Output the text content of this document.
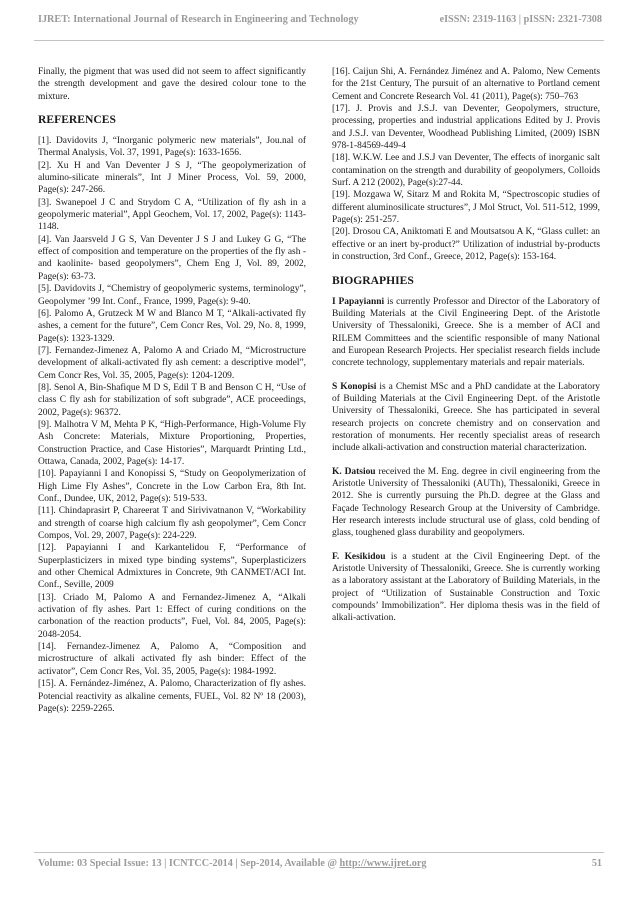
IJRET: International Journal of Research in Engineering and Technology	eISSN: 2319-1163 | pISSN: 2321-7308

Finally, the pigment that was used did not seem to affect significantly the strength development and gave the desired colour tone to the mixture.

REFERENCES

[1]. Davidovits J, “Inorganic polymeric new materials”, Jou.nal of Thermal Analysis, Vol. 37, 1991, Page(s): 1633-1656.

[2]. Xu H and Van Deventer J S J, “The geopolymerization of alumino-silicate minerals”, Int J Miner Process, Vol. 59, 2000, Page(s): 247-266.

[3]. Swanepoel J C and Strydom C A, “Utilization of fly ash in a geopolymeric material”, Appl Geochem, Vol. 17, 2002, Page(s): 1143-1148.

[4]. Van Jaarsveld J G S, Van Deventer J S J and Lukey G G, “The effect of composition and temperature on the properties of the fly ash -and kaolinite- based geopolymers”, Chem Eng J, Vol. 89, 2002, Page(s): 63-73.

[5]. Davidovits J, “Chemistry of geopolymeric systems, terminology”, Geopolymer ’99 Int. Conf., France, 1999, Page(s): 9-40.

[6]. Palomo A, Grutzeck M W and Blanco M T, “Alkali-activated fly ashes, a cement for the future”, Cem Concr Res, Vol. 29, No. 8, 1999, Page(s): 1323-1329.

[7]. Fernandez-Jimenez A, Palomo A and Criado M, “Microstructure development of alkali-activated fly ash cement: a descriptive model”, Cem Concr Res, Vol. 35, 2005, Page(s): 1204-1209.

[8]. Senol A, Bin-Shafique M D S, Edil T B and Benson C H, “Use of class C fly ash for stabilization of soft subgrade”, ACE proceedings, 2002, Page(s): 96372.

[9]. Malhotra V M, Mehta P K, “High-Performance, High-Volume Fly Ash Concrete: Materials, Mixture Proportioning, Properties, Construction Practice, and Case Histories”, Marquardt Printing Ltd., Ottawa, Canada, 2002, Page(s): 14-17.

[10]. Papayianni I and Konopissi S, “Study on Geopolymerization of High Lime Fly Ashes”, Concrete in the Low Carbon Era, 8th Int. Conf., Dundee, UK, 2012, Page(s): 519-533.

[11]. Chindaprasirt P, Chareerat T and Sirivivatnanon V, “Workability and strength of coarse high calcium fly ash geopolymer”, Cem Concr Compos, Vol. 29, 2007, Page(s): 224-229.

[12]. Papayianni I and Karkantelidou F, “Performance of Superplasticizers in mixed type binding systems”, Superplasticizers and other Chemical Admixtures in Concrete, 9th CANMET/ACI Int. Conf., Seville, 2009

[13]. Criado M, Palomo A and Fernandez-Jimenez A, “Alkali activation of fly ashes. Part 1: Effect of curing conditions on the carbonation of the reaction products”, Fuel, Vol. 84, 2005, Page(s): 2048-2054.

[14]. Fernandez-Jimenez A, Palomo A, “Composition and microstructure of alkali activated fly ash binder: Effect of the activator”, Cem Concr Res, Vol. 35, 2005, Page(s): 1984-1992.

[15]. A. Fernández-Jiménez, A. Palomo, Characterization of fly ashes. Potencial reactivity as alkaline cements, FUEL, Vol. 82 Nº 18 (2003), Page(s): 2259-2265.

[16]. Caijun Shi, A. Fernández Jiménez and A. Palomo, New Cements for the 21st Century, The pursuit of an alternative to Portland cement Cement and Concrete Research Vol. 41 (2011), Page(s): 750–763

[17]. J. Provis and J.S.J. van Deventer, Geopolymers, structure, processing, properties and industrial applications Edited by J. Provis and J.S.J. van Deventer, Woodhead Publishing Limited, (2009) ISBN 978-1-84569-449-4

[18]. W.K.W. Lee and J.S.J van Deventer, The effects of inorganic salt contamination on the strength and durability of geopolymers, Colloids Surf. A 212 (2002), Page(s):27-44.

[19]. Mozgawa W, Sitarz M and Rokita M, “Spectroscopic studies of different aluminosilicate structures”, J Mol Struct, Vol. 511-512, 1999, Page(s): 251-257.

[20]. Drosou CA, Aniktomati E and Moutsatsou A K, “Glass cullet: an effective or an inert by-product?” Utilization of industrial by-products in construction, 3rd Conf., Greece, 2012, Page(s): 153-164.

BIOGRAPHIES

I Papayianni is currently Professor and Director of the Laboratory of Building Materials at the Civil Engineering Dept. of the Aristotle University of Thessaloniki, Greece. She is a member of ACI and RILEM Committees and the scientific responsible of many National and European Research Projects. Her specialist research fields include concrete technology, supplementary materials and repair materials.

S Konopisi is a Chemist MSc and a PhD candidate at the Laboratory of Building Materials at the Civil Engineering Dept. of the Aristotle University of Thessaloniki, Greece. She has participated in several research projects on concrete chemistry and on conservation and restoration of monuments. Her recently specialist areas of research include alkali-activation and construction material characterization.

K. Datsiou received the M. Eng. degree in civil engineering from the Aristotle University of Thessaloniki (AUTh), Thessaloniki, Greece in 2012. She is currently pursuing the Ph.D. degree at the Glass and Façade Technology Research Group at the University of Cambridge. Her research interests include structural use of glass, cold bending of glass, toughened glass durability and geopolymers.

F. Kesikidou is a student at the Civil Engineering Dept. of the Aristotle University of Thessaloniki, Greece. She is currently working as a laboratory assistant at the Laboratory of Building Materials, in the project of “Utilization of Sustainable Construction and Toxic compounds’ Immobilization”. Her diploma thesis was in the field of alkali-activation.

Volume: 03 Special Issue: 13 | ICNTCC-2014 | Sep-2014, Available @ http://www.ijret.org	51
